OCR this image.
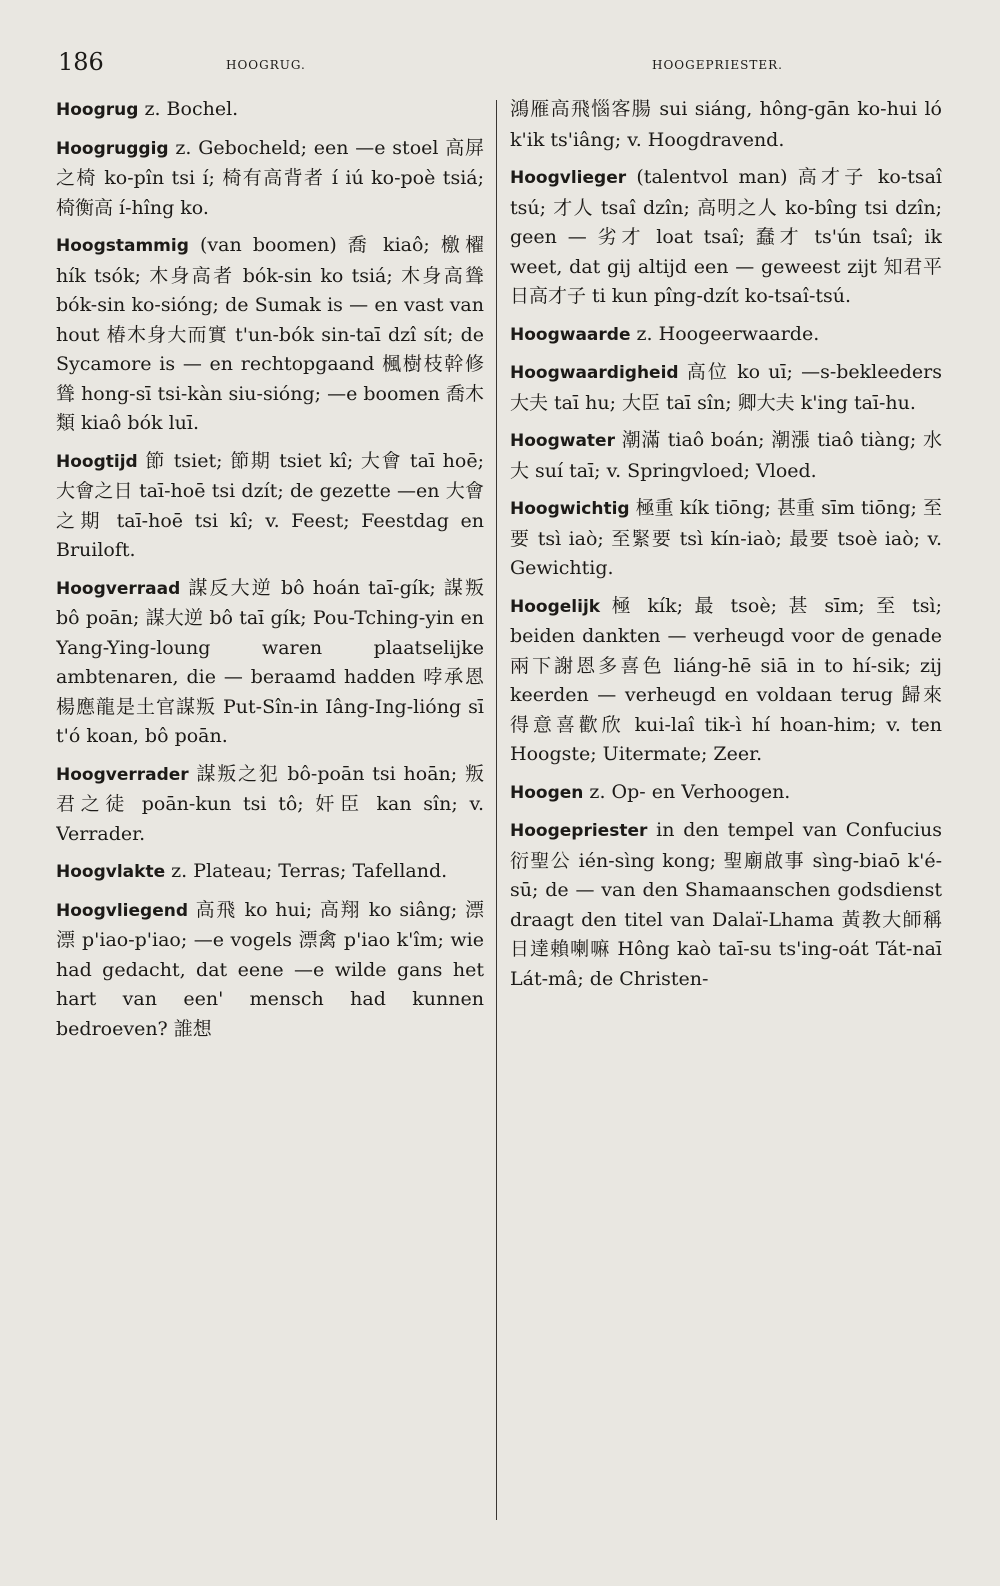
186	HOOGRUG.	HOOGEPRIESTER.

Hoogrug z. Bochel.

Hoogruggig z. Gebocheld; een —e stoel 高屏之椅 ko-pîn tsi í; 椅有高背者 í iú ko-poè tsiá; 椅衡高 í-hîng ko.

Hoogstammig (van boomen) 喬 kiaô; 檄櫂 hík tsók; 木身高者 bók-sin ko tsiá; 木身高聳 bók-sin ko-sióng; de Sumak is — en vast van hout 椿木身大而實 t'un-bók sin-taī dzî sít; de Sycamore is — en rechtopgaand 楓樹枝幹修聳 hong-sī tsi-kàn siu-sióng; —e boomen 喬木類 kiaô bók luī.

Hoogtijd 節 tsiet; 節期 tsiet kî; 大會 taī hoē; 大會之日 taī-hoē tsi dzít; de gezette —en 大會之期 taī-hoē tsi kî; v. Feest; Feestdag en Bruiloft.

Hoogverraad 謀反大逆 bô hoán taī-gík; 謀叛 bô poān; 謀大逆 bô taī gík; Pou-Tching-yin en Yang-Ying-loung waren plaatselijke ambtenaren, die — beraamd hadden 哱承恩楊應龍是土官謀叛 Put-Sîn-in Iâng-Ing-lióng sī t'ó koan, bô poān.

Hoogverrader 謀叛之犯 bô-poān tsi hoān; 叛君之徒 poān-kun tsi tô; 奸臣 kan sîn; v. Verrader.

Hoogvlakte z. Plateau; Terras; Tafelland.

Hoogvliegend 高飛 ko hui; 高翔 ko siâng; 漂漂 p'iao-p'iao; —e vogels 漂禽 p'iao k'îm; wie had gedacht, dat eene —e wilde gans het hart van een' mensch had kunnen bedroeven? 誰想

鴻雁高飛惱客腸 sui siáng, hông-gān ko-hui ló k'ik ts'iâng; v. Hoogdravend.

Hoogvlieger (talentvol man) 高才子 ko-tsaî tsú; 才人 tsaî dzîn; 高明之人 ko-bîng tsi dzîn; geen — 劣才 loat tsaî; 蠢才 ts'ún tsaî; ik weet, dat gij altijd een — geweest zijt 知君平日高才子 ti kun pîng-dzít ko-tsaî-tsú.

Hoogwaarde z. Hoogeerwaarde.

Hoogwaardigheid 高位 ko uī; —s-bekleeders 大夫 taī hu; 大臣 taī sîn; 卿大夫 k'ing taī-hu.

Hoogwater 潮滿 tiaô boán; 潮漲 tiaô tiàng; 水大 suí taī; v. Springvloed; Vloed.

Hoogwichtig 極重 kík tiōng; 甚重 sīm tiōng; 至要 tsì iaò; 至緊要 tsì kín-iaò; 最要 tsoè iaò; v. Gewichtig.

Hoogelijk 極 kík; 最 tsoè; 甚 sīm; 至 tsì; beiden dankten — verheugd voor de genade 兩下謝恩多喜色 liáng-hē siā in to hí-sik; zij keerden — verheugd en voldaan terug 歸來得意喜歡欣 kui-laî tik-ì hí hoan-him; v. ten Hoogste; Uitermate; Zeer.

Hoogen z. Op- en Verhoogen.

Hoogepriester in den tempel van Confucius 衍聖公 ién-sìng kong; 聖廟啟事 sìng-biaō k'é-sū; de — van den Shamaanschen godsdienst draagt den titel van Dalaï-Lhama 黃教大師稱日達賴喇嘛 Hông kaò taī-su ts'ing-oát Tát-naī Lát-mâ; de Christen-
